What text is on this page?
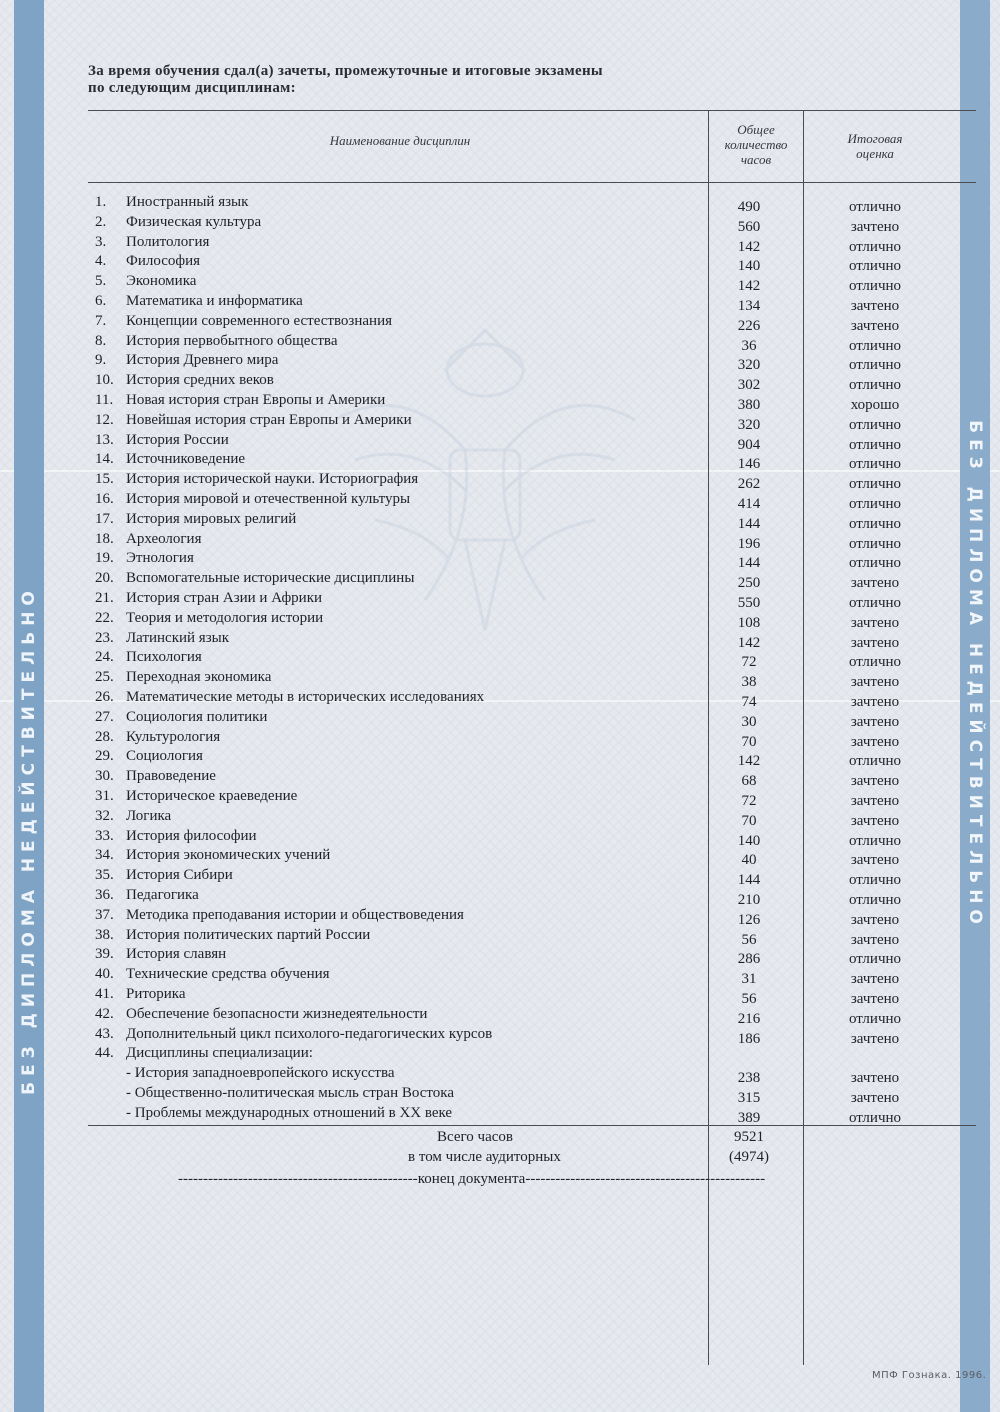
БЕЗ ДИПЛОМА НЕДЕЙСТВИТЕЛЬНО	БЕЗ ДИПЛОМА НЕДЕЙСТВИТЕЛЬНО
За время обучения сдал(а) зачеты, промежуточные и итоговые экзамены
по следующим дисциплинам:
Наименование дисциплин
Общее
количество
часов
Итоговая
оценка
1. Иностранный язык	490	отлично
2. Физическая культура	560	зачтено
3. Политология	142	отлично
4. Философия	140	отлично
5. Экономика	142	отлично
6. Математика и информатика	134	зачтено
7. Концепции современного естествознания	226	зачтено
8. История первобытного общества	36	отлично
9. История Древнего мира	320	отлично
10. История средних веков	302	отлично
11. Новая история стран Европы и Америки	380	хорошо
12. Новейшая история стран Европы и Америки	320	отлично
13. История России	904	отлично
14. Источниковедение	146	отлично
15. История исторической науки. Историография	262	отлично
16. История мировой и отечественной культуры	414	отлично
17. История мировых религий	144	отлично
18. Археология	196	отлично
19. Этнология	144	отлично
20. Вспомогательные исторические дисциплины	250	зачтено
21. История стран Азии и Африки	550	отлично
22. Теория и методология истории	108	зачтено
23. Латинский язык	142	зачтено
24. Психология	72	отлично
25. Переходная экономика	38	зачтено
26. Математические методы в исторических исследованиях	74	зачтено
27. Социология политики	30	зачтено
28. Культурология	70	зачтено
29. Социология	142	отлично
30. Правоведение	68	зачтено
31. Историческое краеведение	72	зачтено
32. Логика	70	зачтено
33. История философии	140	отлично
34. История экономических учений	40	зачтено
35. История Сибири	144	отлично
36. Педагогика	210	отлично
37. Методика преподавания истории и обществоведения	126	зачтено
38. История политических партий России	56	зачтено
39. История славян	286	отлично
40. Технические средства обучения	31	зачтено
41. Риторика	56	зачтено
42. Обеспечение безопасности жизнедеятельности	216	отлично
43. Дополнительный цикл психолого-педагогических курсов	186	зачтено
44. Дисциплины специализации:
- История западноевропейского искусства	238	зачтено
- Общественно-политическая мысль стран Востока	315	зачтено
- Проблемы международных отношений в XX веке	389	отлично
Всего часов	9521
в том числе аудиторных	(4974)
------------------------------------------------конец документа------------------------------------------------
МПФ Гознака. 1996.
